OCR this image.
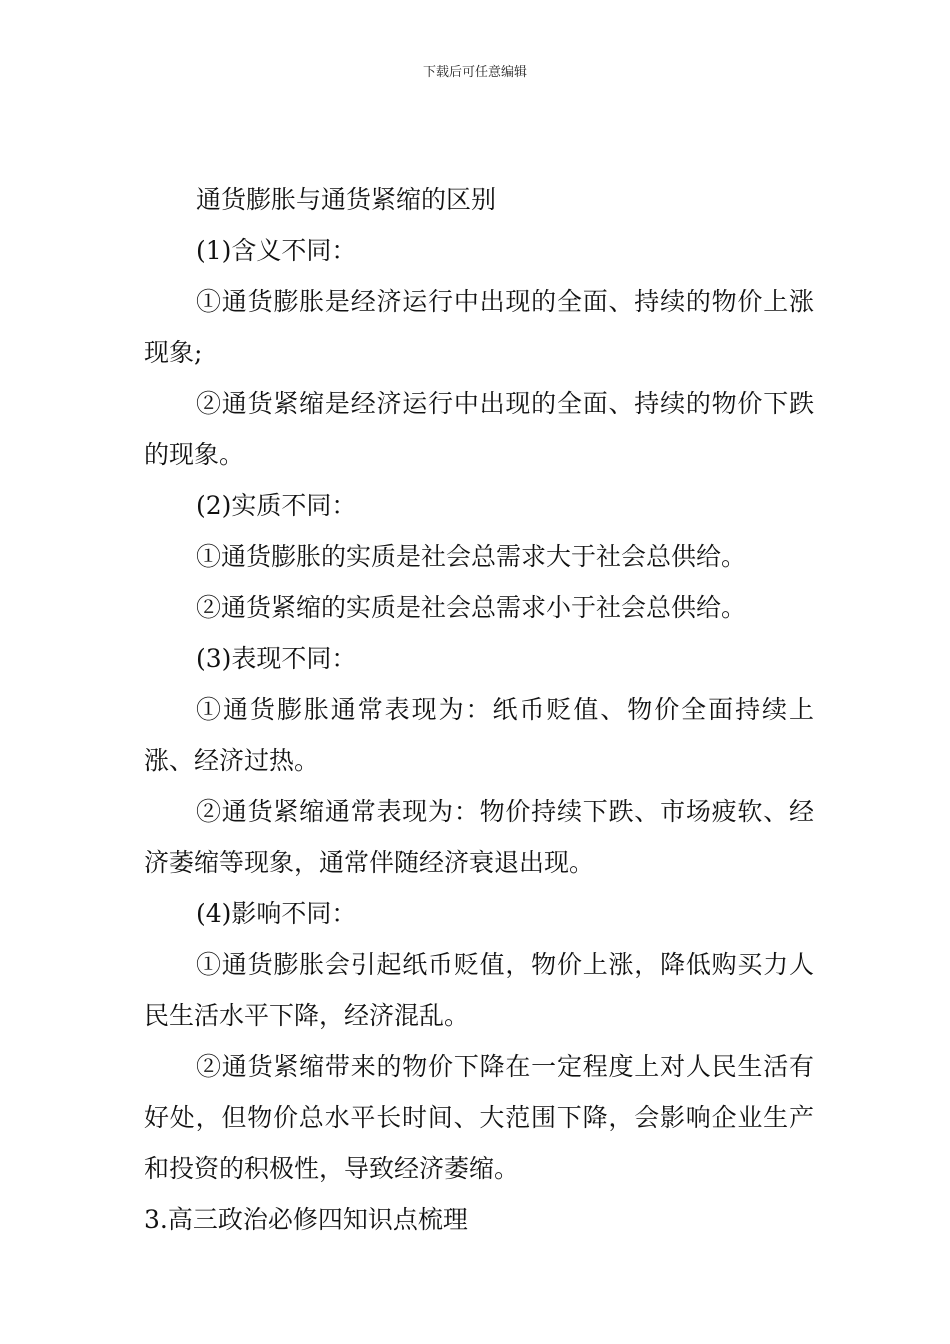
下载后可任意编辑

通货膨胀与通货紧缩的区别

(1)含义不同：

①通货膨胀是经济运行中出现的全面、持续的物价上涨现象;

②通货紧缩是经济运行中出现的全面、持续的物价下跌的现象。

(2)实质不同：

①通货膨胀的实质是社会总需求大于社会总供给。

②通货紧缩的实质是社会总需求小于社会总供给。

(3)表现不同：

①通货膨胀通常表现为：纸币贬值、物价全面持续上涨、经济过热。

②通货紧缩通常表现为：物价持续下跌、市场疲软、经济萎缩等现象，通常伴随经济衰退出现。

(4)影响不同：

①通货膨胀会引起纸币贬值，物价上涨，降低购买力人民生活水平下降，经济混乱。

②通货紧缩带来的物价下降在一定程度上对人民生活有好处，但物价总水平长时间、大范围下降，会影响企业生产和投资的积极性，导致经济萎缩。

3.高三政治必修四知识点梳理
